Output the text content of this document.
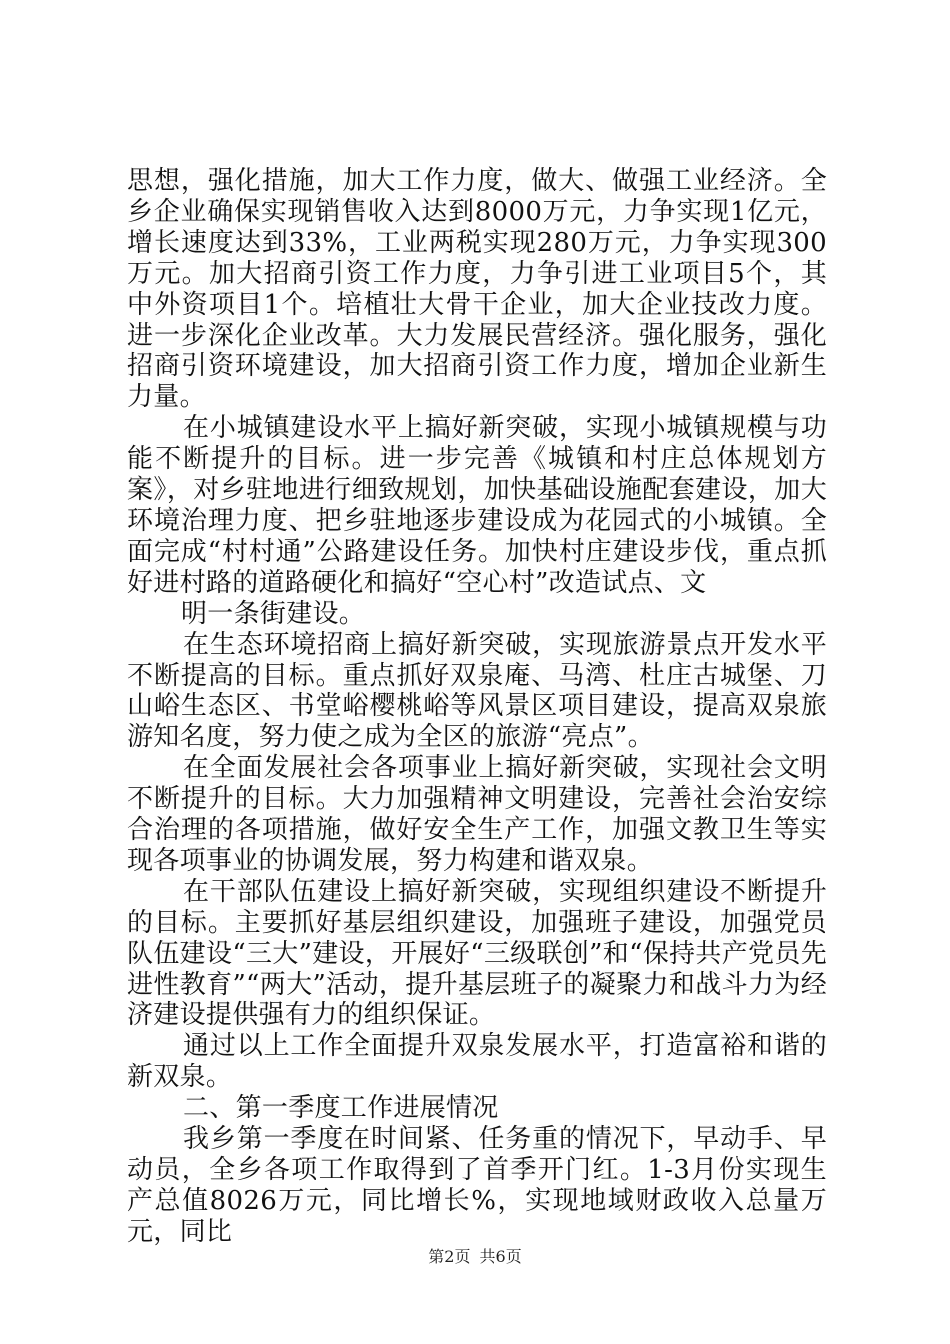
思想，强化措施，加大工作力度，做大、做强工业经济。全乡企业确保实现销售收入达到8000万元，力争实现1亿元，增长速度达到33%，工业两税实现280万元，力争实现300万元。加大招商引资工作力度，力争引进工业项目5个，其中外资项目1个。培植壮大骨干企业，加大企业技改力度。进一步深化企业改革。大力发展民营经济。强化服务，强化招商引资环境建设，加大招商引资工作力度，增加企业新生力量。

在小城镇建设水平上搞好新突破，实现小城镇规模与功能不断提升的目标。进一步完善《城镇和村庄总体规划方案》，对乡驻地进行细致规划，加快基础设施配套建设，加大环境治理力度、把乡驻地逐步建设成为花园式的小城镇。全面完成“村村通”公路建设任务。加快村庄建设步伐，重点抓好进村路的道路硬化和搞好“空心村”改造试点、文

明一条街建设。

在生态环境招商上搞好新突破，实现旅游景点开发水平不断提高的目标。重点抓好双泉庵、马湾、杜庄古城堡、刀山峪生态区、书堂峪樱桃峪等风景区项目建设，提高双泉旅游知名度，努力使之成为全区的旅游“亮点”。

在全面发展社会各项事业上搞好新突破，实现社会文明不断提升的目标。大力加强精神文明建设，完善社会治安综合治理的各项措施，做好安全生产工作，加强文教卫生等实现各项事业的协调发展，努力构建和谐双泉。

在干部队伍建设上搞好新突破，实现组织建设不断提升的目标。主要抓好基层组织建设，加强班子建设，加强党员队伍建设“三大”建设，开展好“三级联创”和“保持共产党员先进性教育”“两大”活动，提升基层班子的凝聚力和战斗力为经济建设提供强有力的组织保证。

通过以上工作全面提升双泉发展水平，打造富裕和谐的新双泉。

二、第一季度工作进展情况

我乡第一季度在时间紧、任务重的情况下，早动手、早动员，全乡各项工作取得到了首季开门红。1-3月份实现生产总值8026万元，同比增长%，实现地域财政收入总量万元，同比

第2页 共6页
